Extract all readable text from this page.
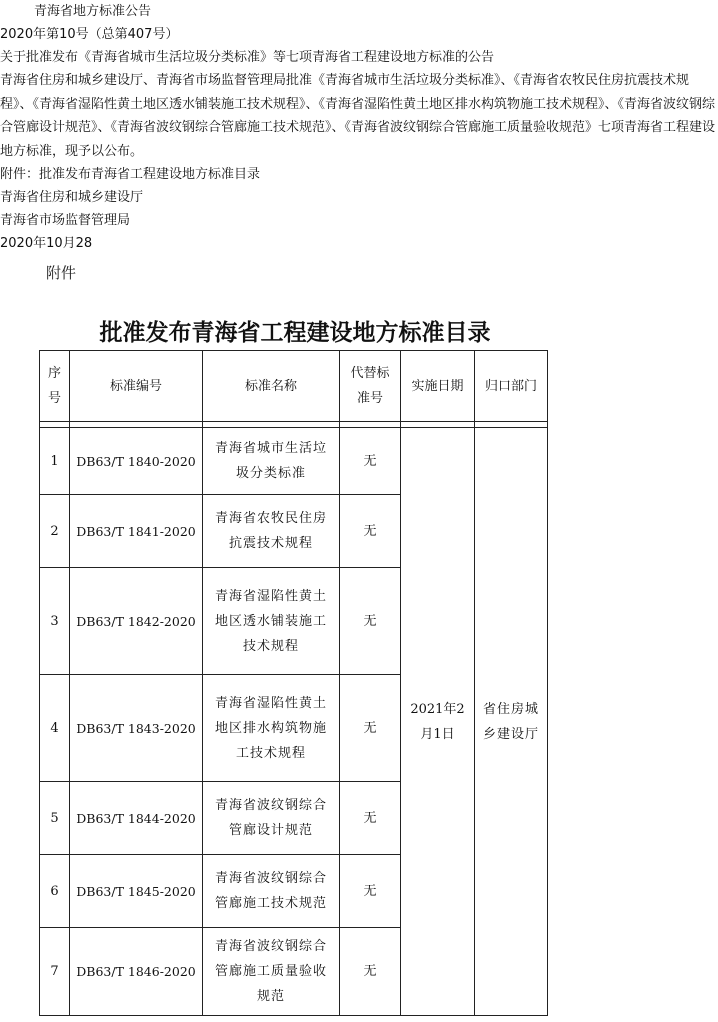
青海省地方标准公告
2020年第10号（总第407号）
关于批准发布《青海省城市生活垃圾分类标准》等七项青海省工程建设地方标准的公告
青海省住房和城乡建设厅、青海省市场监督管理局批准《青海省城市生活垃圾分类标准》、《青海省农牧民住房抗震技术规程》、《青海省湿陷性黄土地区透水铺装施工技术规程》、《青海省湿陷性黄土地区排水构筑物施工技术规程》、《青海省波纹钢综合管廊设计规范》、《青海省波纹钢综合管廊施工技术规范》、《青海省波纹钢综合管廊施工质量验收规范》七项青海省工程建设地方标准，现予以公布。
附件：批准发布青海省工程建设地方标准目录
青海省住房和城乡建设厅
青海省市场监督管理局
2020年10月28
附件
批准发布青海省工程建设地方标准目录
序号	标准编号	标准名称	代替标准号	实施日期	归口部门

1	DB63/T 1840-2020	青海省城市生活垃圾分类标准	无	2021年2月1日	省住房城乡建设厅
2	DB63/T 1841-2020	青海省农牧民住房抗震技术规程	无		
3	DB63/T 1842-2020	青海省湿陷性黄土地区透水铺装施工技术规程	无		
4	DB63/T 1843-2020	青海省湿陷性黄土地区排水构筑物施工技术规程	无		
5	DB63/T 1844-2020	青海省波纹钢综合管廊设计规范	无		
6	DB63/T 1845-2020	青海省波纹钢综合管廊施工技术规范	无		
7	DB63/T 1846-2020	青海省波纹钢综合管廊施工质量验收规范	无		
